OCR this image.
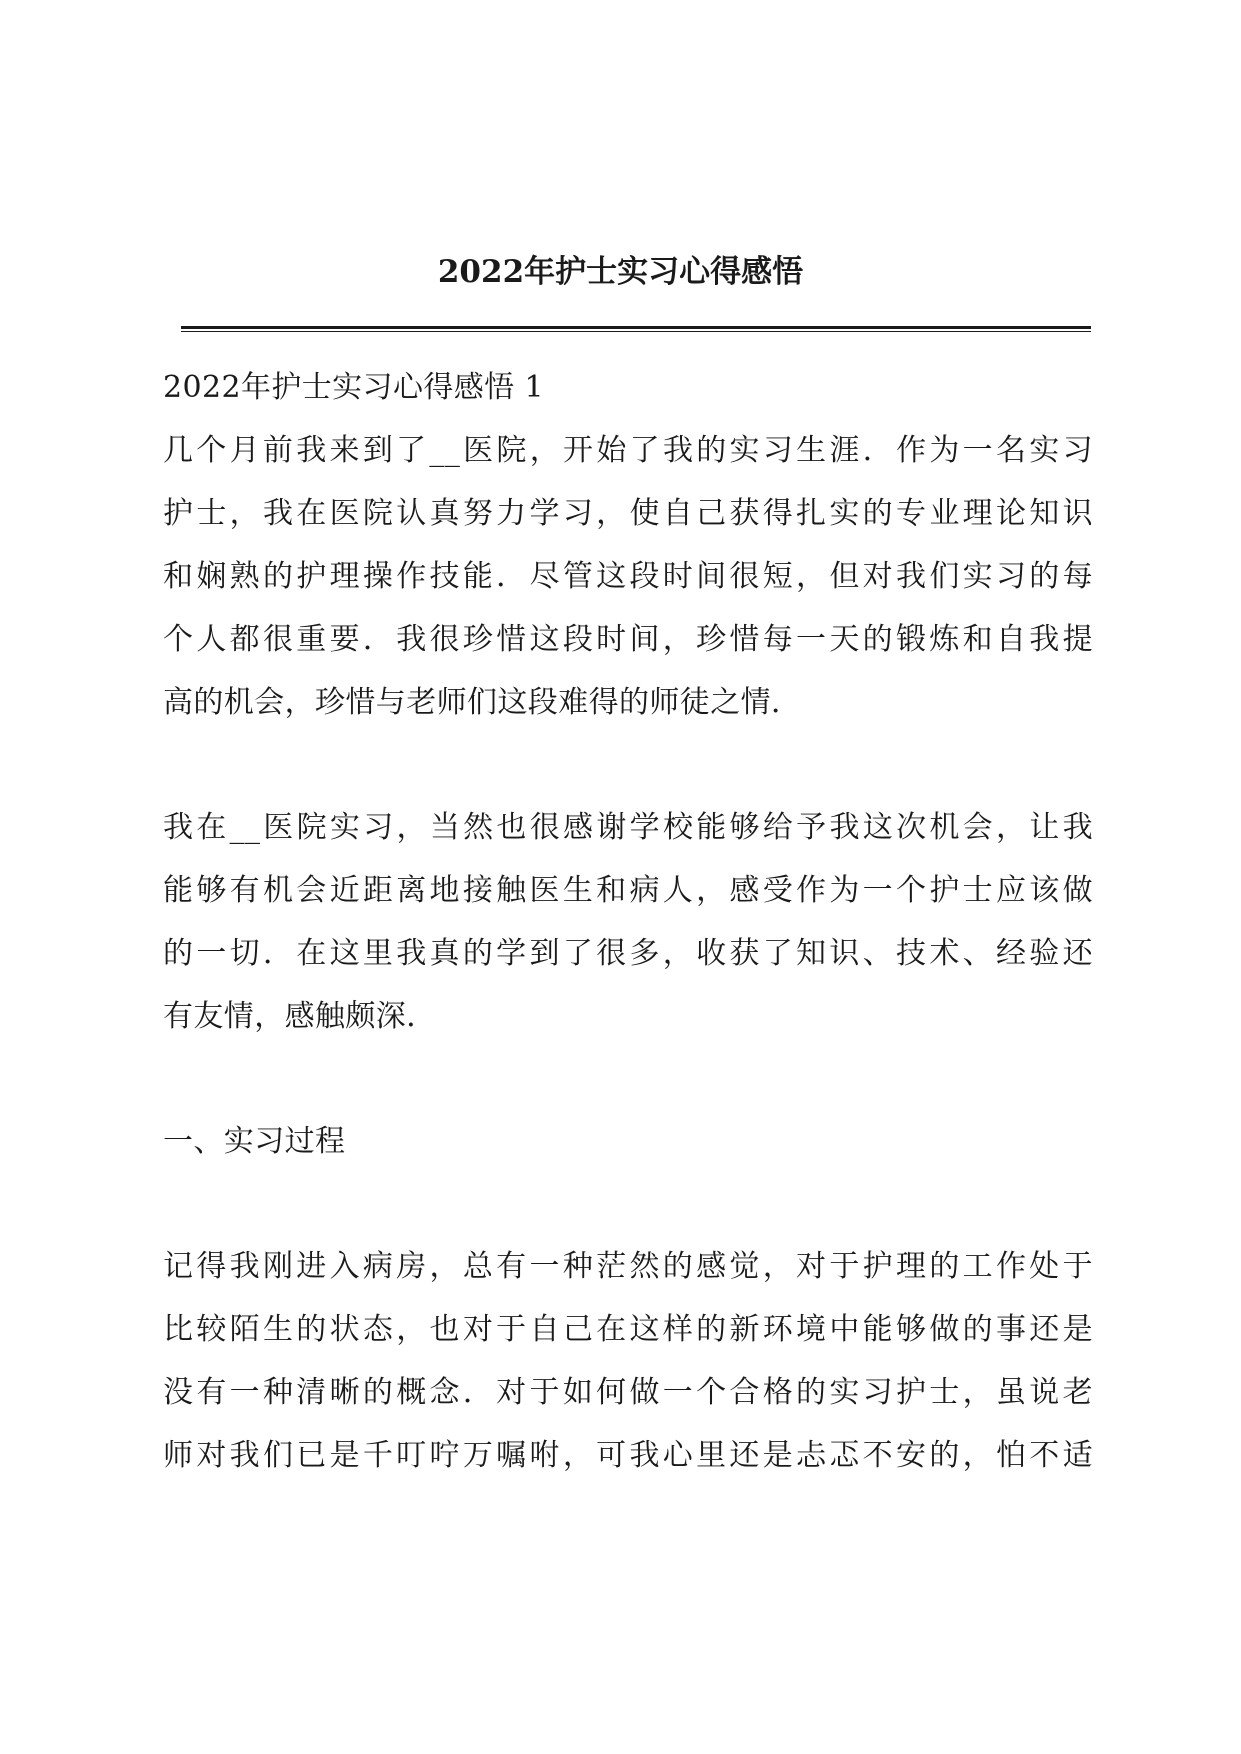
2022年护士实习心得感悟
2022年护士实习心得感悟 1
几个月前我来到了__医院，开始了我的实习生涯．作为一名实习
护士，我在医院认真努力学习，使自己获得扎实的专业理论知识
和娴熟的护理操作技能．尽管这段时间很短，但对我们实习的每
个人都很重要．我很珍惜这段时间，珍惜每一天的锻炼和自我提
高的机会，珍惜与老师们这段难得的师徒之情．
我在__医院实习，当然也很感谢学校能够给予我这次机会，让我
能够有机会近距离地接触医生和病人，感受作为一个护士应该做
的一切．在这里我真的学到了很多，收获了知识、技术、经验还
有友情，感触颇深．
一、实习过程
记得我刚进入病房，总有一种茫然的感觉，对于护理的工作处于
比较陌生的状态，也对于自己在这样的新环境中能够做的事还是
没有一种清晰的概念．对于如何做一个合格的实习护士，虽说老
师对我们已是千叮咛万嘱咐，可我心里还是忐忑不安的，怕不适
